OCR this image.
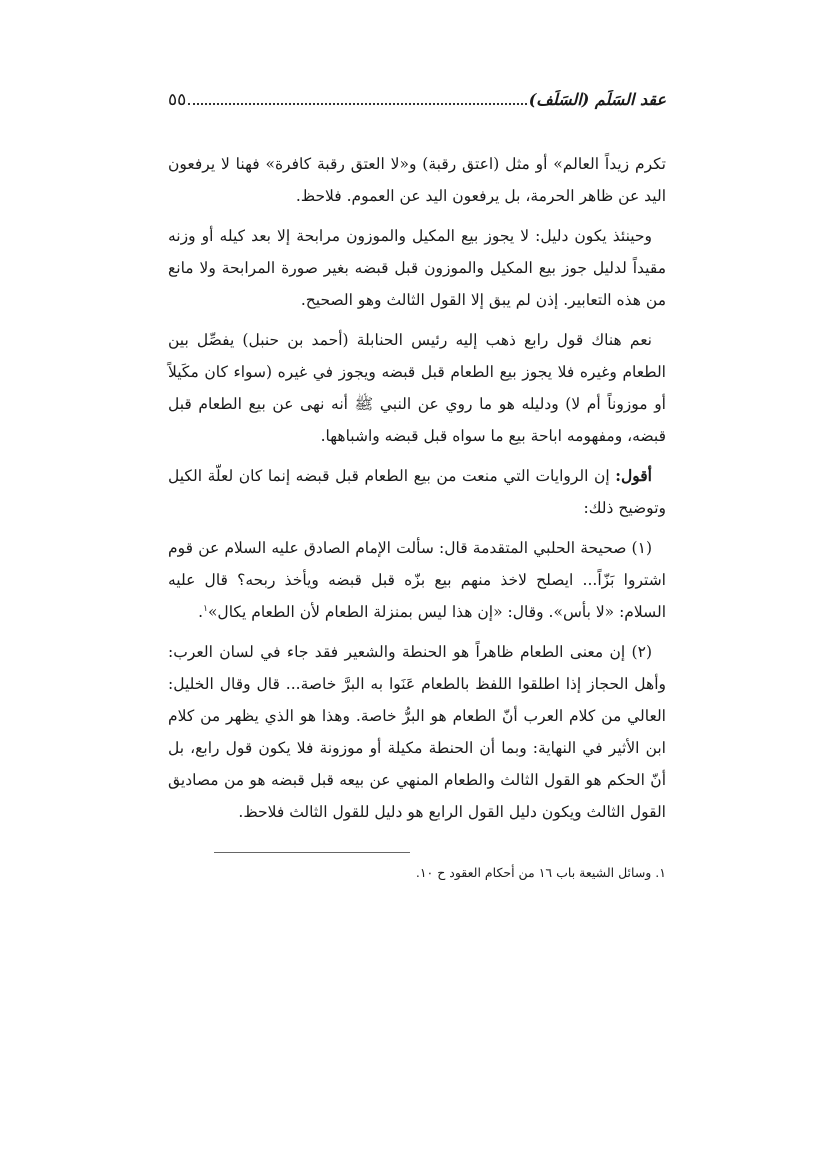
عقد السَلَم (السَلَف)
٥٥

تكرم زيداً العالم» أو مثل (اعتق رقبة) و«لا العتق رقبة كافرة» فهنا لا يرفعون اليد عن ظاهر الحرمة، بل يرفعون اليد عن العموم. فلاحظ.

وحينئذ يكون دليل: لا يجوز بيع المكيل والموزون مرابحة إلا بعد كيله أو وزنه مقيداً لدليل جوز بيع المكيل والموزون قبل قبضه بغير صورة المرابحة ولا مانع من هذه التعابير. إذن لم يبق إلا القول الثالث وهو الصحيح.

نعم هناك قول رابع ذهب إليه رئيس الحنابلة (أحمد بن حنبل) يفصِّل بين الطعام وغيره فلا يجوز بيع الطعام قبل قبضه ويجوز في غيره (سواء كان مكَيلاً أو موزوناً أم لا) ودليله هو ما روي عن النبي ﷺ أنه نهى عن بيع الطعام قبل قبضه، ومفهومه اباحة بيع ما سواه قبل قبضه واشباهها.

أقول: إن الروايات التي منعت من بيع الطعام قبل قبضه إنما كان لعلّة الكيل وتوضيح ذلك:

(١) صحيحة الحلبي المتقدمة قال: سألت الإمام الصادق عليه السلام عن قوم اشتروا بَزّاً... ايصلح لاخذ منهم بيع بزّه قبل قبضه ويأخذ ربحه؟ قال عليه السلام: «لا بأس». وقال: «إن هذا ليس بمنزلة الطعام لأن الطعام يكال»$^١$.

(٢) إن معنى الطعام ظاهراً هو الحنطة والشعير فقد جاء في لسان العرب: وأهل الحجاز إذا اطلقوا اللفظ بالطعام عَنَوا به البرَّ خاصة... قال وقال الخليل: العالي من كلام العرب أنّ الطعام هو البرُّ خاصة. وهذا هو الذي يظهر من كلام ابن الأثير في النهاية: وبما أن الحنطة مكيلة أو موزونة فلا يكون قول رابع، بل أنّ الحكم هو القول الثالث والطعام المنهي عن بيعه قبل قبضه هو من مصاديق القول الثالث ويكون دليل القول الرابع هو دليل للقول الثالث فلاحظ.

١. وسائل الشيعة باب ١٦ من أحكام العقود ح ١٠.
